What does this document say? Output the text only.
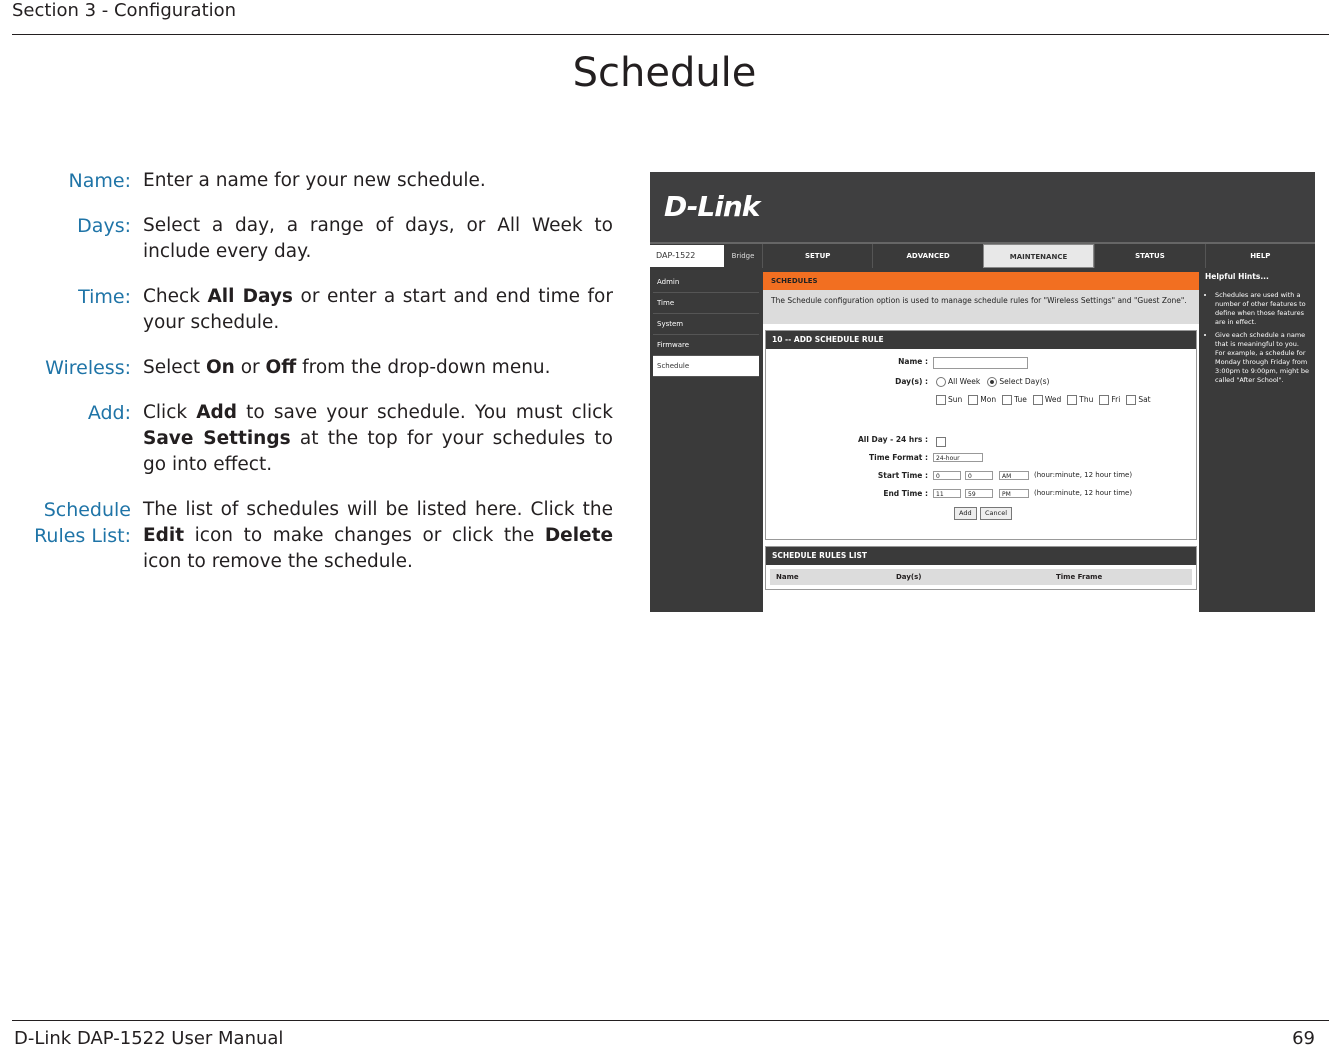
Section 3 - Configuration
Schedule
Name: Enter a name for your new schedule.
Days: Select a day, a range of days, or All Week to include every day.
Time: Check All Days or enter a start and end time for your schedule.
Wireless: Select On or Off from the drop-down menu.
Add: Click Add to save your schedule. You must click Save Settings at the top for your schedules to go into effect.
Schedule Rules List:
The list of schedules will be listed here. Click the Edit icon to make changes or click the Delete icon to remove the schedule.
D-Link
DAP-1522	Bridge	SETUP	ADVANCED	MAINTENANCE	STATUS	HELP
Admin
Time
System
Firmware
Schedule
SCHEDULES
The Schedule configuration option is used to manage schedule rules for "Wireless Settings" and "Guest Zone".
10 -- ADD SCHEDULE RULE
Name :
Day(s) :	All Week	Select Day(s)
Sun Mon Tue Wed Thu Fri Sat
All Day - 24 hrs :
Time Format :	24-hour
Start Time :	0	0	AM	(hour:minute, 12 hour time)
End Time :	11	59	PM	(hour:minute, 12 hour time)
Add	Cancel
SCHEDULE RULES LIST
Name	Day(s)	Time Frame
Helpful Hints...
• Schedules are used with a number of other features to define when those features are in effect.
• Give each schedule a name that is meaningful to you. For example, a schedule for Monday through Friday from 3:00pm to 9:00pm, might be called "After School".
D-Link DAP-1522 User Manual	69
